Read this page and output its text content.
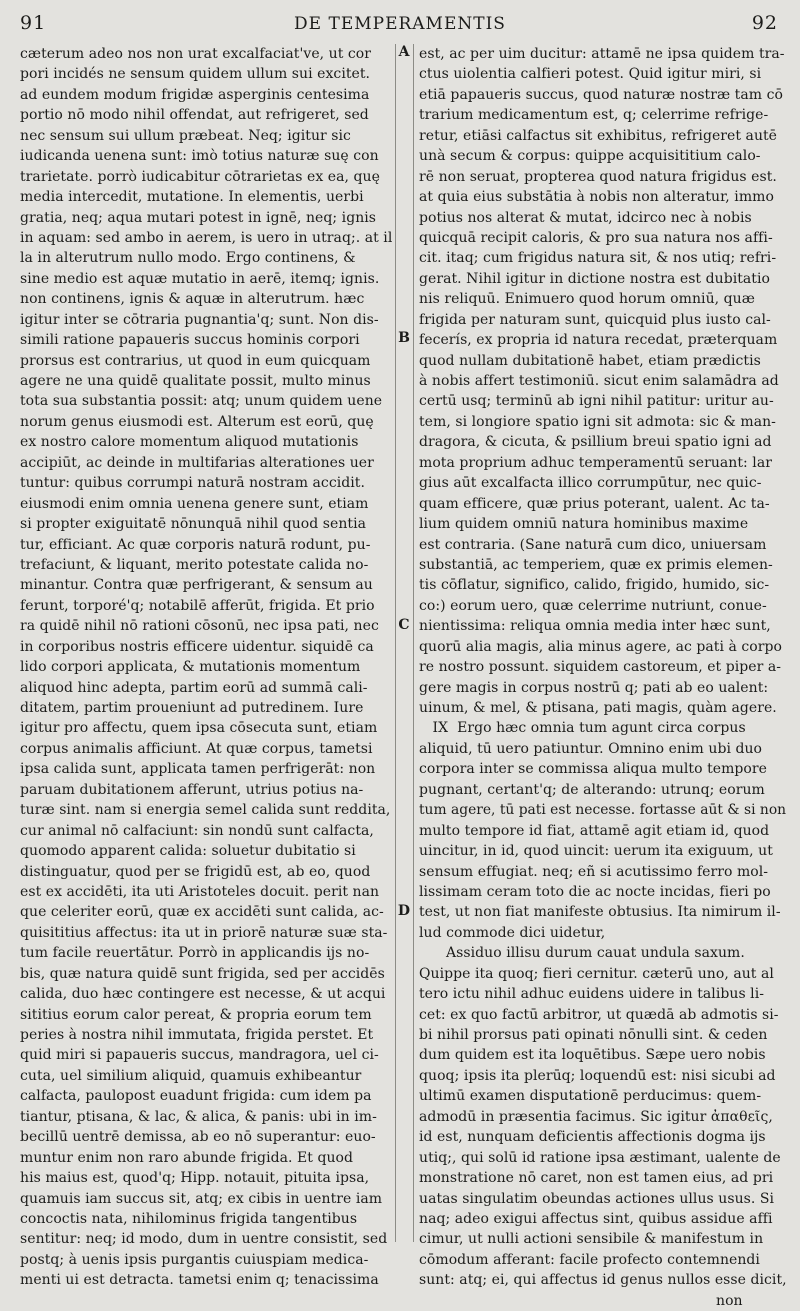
91	DE TEMPERAMENTIS	92
A
B
C
D
cæterum adeo nos non urat excalfaciat've, ut cor
pori incidés ne sensum quidem ullum sui excitet.
ad eundem modum frigidæ asperginis centesima
portio nō modo nihil offendat, aut refrigeret, sed
nec sensum sui ullum præbeat. Neq; igitur sic
iudicanda uenena sunt: imò totius naturæ suę con
trarietate. porrò iudicabitur cōtrarietas ex ea, quę
media intercedit, mutatione. In elementis, uerbi
gratia, neq; aqua mutari potest in ignē, neq; ignis
in aquam: sed ambo in aerem, is uero in utraq;. at il
la in alterutrum nullo modo. Ergo continens, &
sine medio est aquæ mutatio in aerē, itemq; ignis.
non continens, ignis & aquæ in alterutrum. hæc
igitur inter se cōtraria pugnantia'q; sunt. Non dis-
simili ratione papaueris succus hominis corpori
prorsus est contrarius, ut quod in eum quicquam
agere ne una quidē qualitate possit, multo minus
tota sua substantia possit: atq; unum quidem uene
norum genus eiusmodi est. Alterum est eorū, quę
ex nostro calore momentum aliquod mutationis
accipiūt, ac deinde in multifarias alterationes uer
tuntur: quibus corrumpi naturā nostram accidit.
eiusmodi enim omnia uenena genere sunt, etiam
si propter exiguitatē nōnunquā nihil quod sentia
tur, efficiant. Ac quæ corporis naturā rodunt, pu-
trefaciunt, & liquant, merito potestate calida no-
minantur. Contra quæ perfrigerant, & sensum au
ferunt, torporé'q; notabilē afferūt, frigida. Et prio
ra quidē nihil nō rationi cōsonū, nec ipsa pati, nec
in corporibus nostris efficere uidentur. siquidē ca
lido corpori applicata, & mutationis momentum
aliquod hinc adepta, partim eorū ad summā cali-
ditatem, partim proueniunt ad putredinem. Iure
igitur pro affectu, quem ipsa cōsecuta sunt, etiam
corpus animalis afficiunt. At quæ corpus, tametsi
ipsa calida sunt, applicata tamen perfrigerāt: non
paruam dubitationem afferunt, utrius potius na-
turæ sint. nam si energia semel calida sunt reddita,
cur animal nō calfaciunt: sin nondū sunt calfacta,
quomodo apparent calida: soluetur dubitatio si
distinguatur, quod per se frigidū est, ab eo, quod
est ex accidēti, ita uti Aristoteles docuit. perit nan
que celeriter eorū, quæ ex accidēti sunt calida, ac-
quisititius affectus: ita ut in priorē naturæ suæ sta-
tum facile reuertātur. Porrò in applicandis ijs no-
bis, quæ natura quidē sunt frigida, sed per accidēs
calida, duo hæc contingere est necesse, & ut acqui
sititius eorum calor pereat, & propria eorum tem
peries à nostra nihil immutata, frigida perstet. Et
quid miri si papaueris succus, mandragora, uel ci-
cuta, uel similium aliquid, quamuis exhibeantur
calfacta, paulopost euadunt frigida: cum idem pa
tiantur, ptisana, & lac, & alica, & panis: ubi in im-
becillū uentrē demissa, ab eo nō superantur: euo-
muntur enim non raro abunde frigida. Et quod
his maius est, quod'q; Hipp. notauit, pituita ipsa,
quamuis iam succus sit, atq; ex cibis in uentre iam
concoctis nata, nihilominus frigida tangentibus
sentitur: neq; id modo, dum in uentre consistit, sed
postq; à uenis ipsis purgantis cuiuspiam medica-
menti ui est detracta. tametsi enim q; tenacissima
est, ac per uim ducitur: attamē ne ipsa quidem tra-
ctus uiolentia calfieri potest. Quid igitur miri, si
etiā papaueris succus, quod naturæ nostræ tam cō
trarium medicamentum est, q; celerrime refrige-
retur, etiāsi calfactus sit exhibitus, refrigeret autē
unà secum & corpus: quippe acquisititium calo-
rē non seruat, propterea quod natura frigidus est.
at quia eius substātia à nobis non alteratur, immo
potius nos alterat & mutat, idcirco nec à nobis
quicquā recipit caloris, & pro sua natura nos affi-
cit. itaq; cum frigidus natura sit, & nos utiq; refri-
gerat. Nihil igitur in dictione nostra est dubitatio
nis reliquū. Enimuero quod horum omniū, quæ
frigida per naturam sunt, quicquid plus iusto cal-
fecerís, ex propria id natura recedat, præterquam
quod nullam dubitationē habet, etiam prædictis
à nobis affert testimoniū. sicut enim salamādra ad
certū usq; terminū ab igni nihil patitur: uritur au-
tem, si longiore spatio igni sit admota: sic & man-
dragora, & cicuta, & psillium breui spatio igni ad
mota proprium adhuc temperamentū seruant: lar
gius aūt excalfacta illico corrumpūtur, nec quic-
quam efficere, quæ prius poterant, ualent. Ac ta-
lium quidem omniū natura hominibus maxime
est contraria. (Sane naturā cum dico, uniuersam
substantiā, ac temperiem, quæ ex primis elemen-
tis cōflatur, significo, calido, frigido, humido, sic-
co:) eorum uero, quæ celerrime nutriunt, conue-
nientissima: reliqua omnia media inter hæc sunt,
quorū alia magis, alia minus agere, ac pati à corpo
re nostro possunt. siquidem castoreum, et piper a-
gere magis in corpus nostrū q; pati ab eo ualent:
uinum, & mel, & ptisana, pati magis, quàm agere.
IX  Ergo hæc omnia tum agunt circa corpus
aliquid, tū uero patiuntur. Omnino enim ubi duo
corpora inter se commissa aliqua multo tempore
pugnant, certant'q; de alterando: utrunq; eorum
tum agere, tū pati est necesse. fortasse aūt & si non
multo tempore id fiat, attamē agit etiam id, quod
uincitur, in id, quod uincit: uerum ita exiguum, ut
sensum effugiat. neq; eñ si acutissimo ferro mol-
lissimam ceram toto die ac nocte incidas, fieri po
test, ut non fiat manifeste obtusius. Ita nimirum il-
lud commode dici uidetur,
Assiduo illisu durum cauat undula saxum.
Quippe ita quoq; fieri cernitur. cæterū uno, aut al
tero ictu nihil adhuc euidens uidere in talibus li-
cet: ex quo factū arbitror, ut quædā ab admotis si-
bi nihil prorsus pati opinati nōnulli sint. & ceden
dum quidem est ita loquētibus. Sæpe uero nobis
quoq; ipsis ita plerūq; loquendū est: nisi sicubi ad
ultimū examen disputationē perducimus: quem-
admodū in præsentia facimus. Sic igitur ἀπαθεῖς,
id est, nunquam deficientis affectionis dogma ijs
utiq;, qui solū id ratione ipsa æstimant, ualente de
monstratione nō caret, non est tamen eius, ad pri
uatas singulatim obeundas actiones ullus usus. Si
naq; adeo exigui affectus sint, quibus assidue affi
cimur, ut nulli actioni sensibile & manifestum in
cōmodum afferant: facile profecto contemnendi
sunt: atq; ei, qui affectus id genus nullos esse dicit,
non
